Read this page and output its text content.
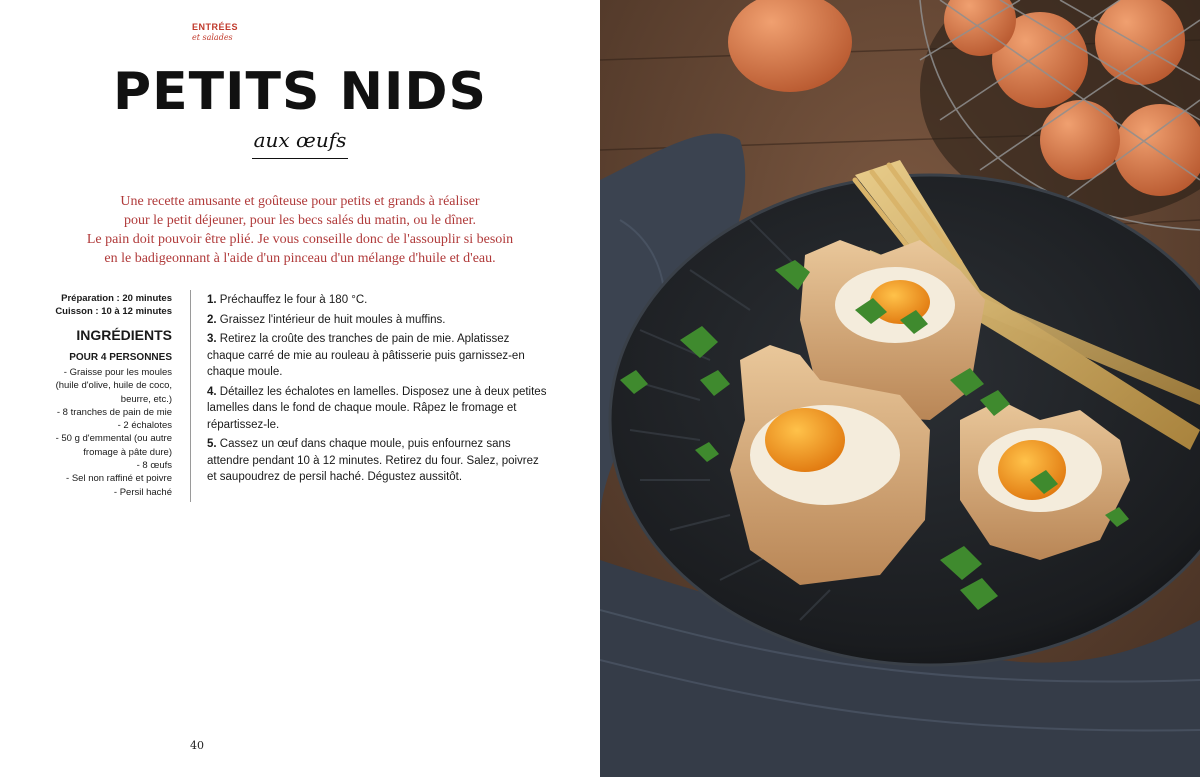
ENTRÉES
et salades
PETITS NIDS
aux œufs
Une recette amusante et goûteuse pour petits et grands à réaliser
pour le petit déjeuner, pour les becs salés du matin, ou le dîner.
Le pain doit pouvoir être plié. Je vous conseille donc de l'assouplir si besoin
en le badigeonnant à l'aide d'un pinceau d'un mélange d'huile et d'eau.
Préparation : 20 minutes
Cuisson : 10 à 12 minutes
INGRÉDIENTS
POUR 4 PERSONNES
- Graisse pour les moules
(huile d'olive, huile de coco,
beurre, etc.)
- 8 tranches de pain de mie
- 2 échalotes
- 50 g d'emmental (ou autre
fromage à pâte dure)
- 8 œufs
- Sel non raffiné et poivre
- Persil haché
1. Préchauffez le four à 180 °C.
2. Graissez l'intérieur de huit moules à muffins.
3. Retirez la croûte des tranches de pain de mie. Aplatissez chaque carré de mie au rouleau à pâtisserie puis garnissez-en chaque moule.
4. Détaillez les échalotes en lamelles. Disposez une à deux petites lamelles dans le fond de chaque moule. Râpez le fromage et répartissez-le.
5. Cassez un œuf dans chaque moule, puis enfournez sans attendre pendant 10 à 12 minutes. Retirez du four. Salez, poivrez et saupoudrez de persil haché. Dégustez aussitôt.
40
